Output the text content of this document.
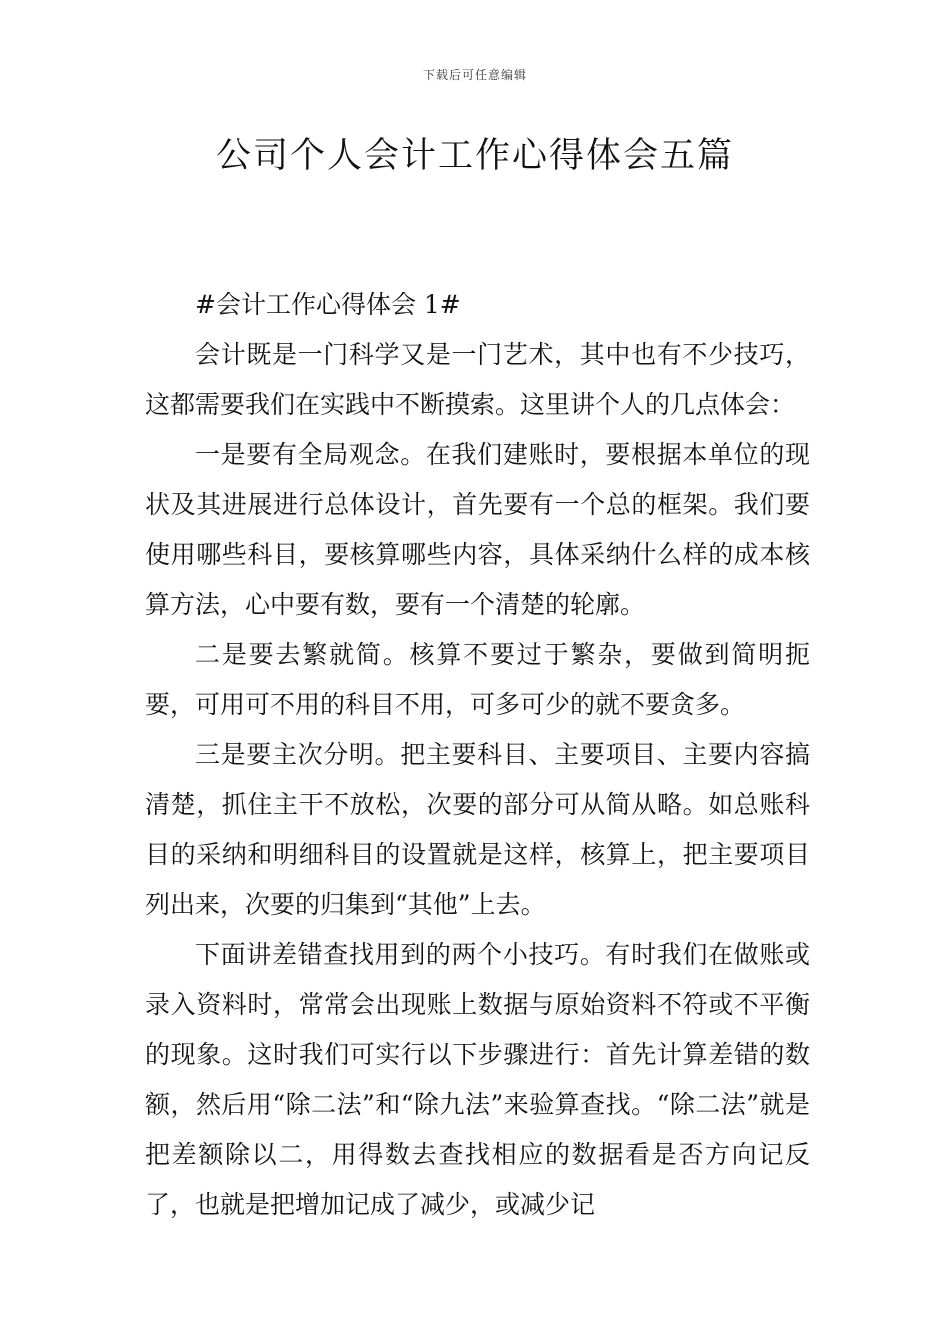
下载后可任意编辑
公司个人会计工作心得体会五篇

#会计工作心得体会 1#

会计既是一门科学又是一门艺术，其中也有不少技巧，这都需要我们在实践中不断摸索。这里讲个人的几点体会：

一是要有全局观念。在我们建账时，要根据本单位的现状及其进展进行总体设计，首先要有一个总的框架。我们要使用哪些科目，要核算哪些内容，具体采纳什么样的成本核算方法，心中要有数，要有一个清楚的轮廓。

二是要去繁就简。核算不要过于繁杂，要做到简明扼要，可用可不用的科目不用，可多可少的就不要贪多。

三是要主次分明。把主要科目、主要项目、主要内容搞清楚，抓住主干不放松，次要的部分可从简从略。如总账科目的采纳和明细科目的设置就是这样，核算上，把主要项目列出来，次要的归集到“其他”上去。

下面讲差错查找用到的两个小技巧。有时我们在做账或录入资料时，常常会出现账上数据与原始资料不符或不平衡的现象。这时我们可实行以下步骤进行：首先计算差错的数额，然后用“除二法”和“除九法”来验算查找。“除二法”就是把差额除以二，用得数去查找相应的数据看是否方向记反了，也就是把增加记成了减少，或减少记
